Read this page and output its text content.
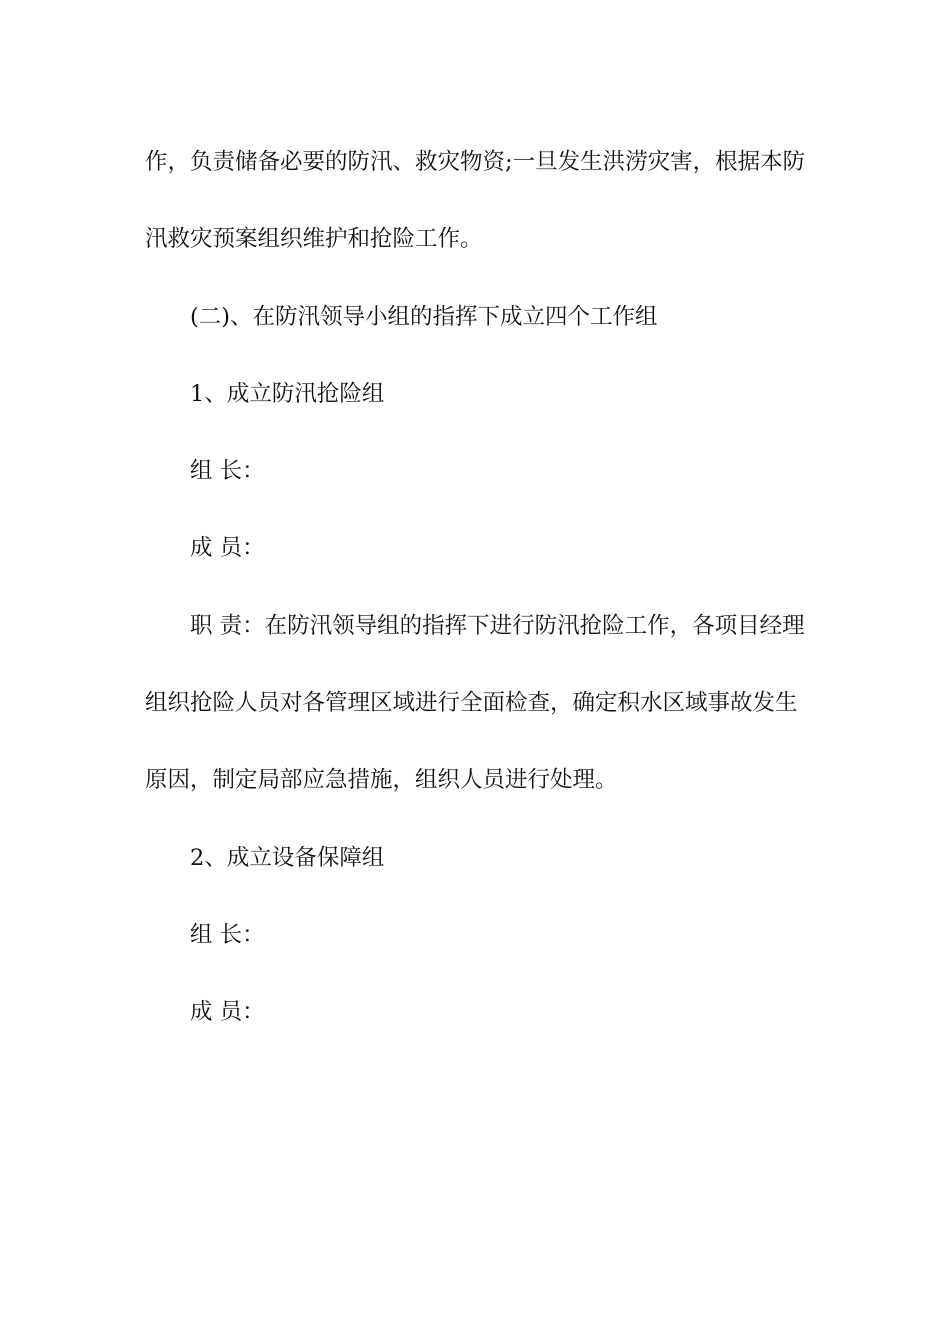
作，负责储备必要的防汛、救灾物资;一旦发生洪涝灾害，根据本防

汛救灾预案组织维护和抢险工作。

(二)、在防汛领导小组的指挥下成立四个工作组

1、成立防汛抢险组

组 长：

成 员：

职 责：在防汛领导组的指挥下进行防汛抢险工作，各项目经理

组织抢险人员对各管理区域进行全面检查，确定积水区域事故发生

原因，制定局部应急措施，组织人员进行处理。

2、成立设备保障组

组 长：

成 员：
